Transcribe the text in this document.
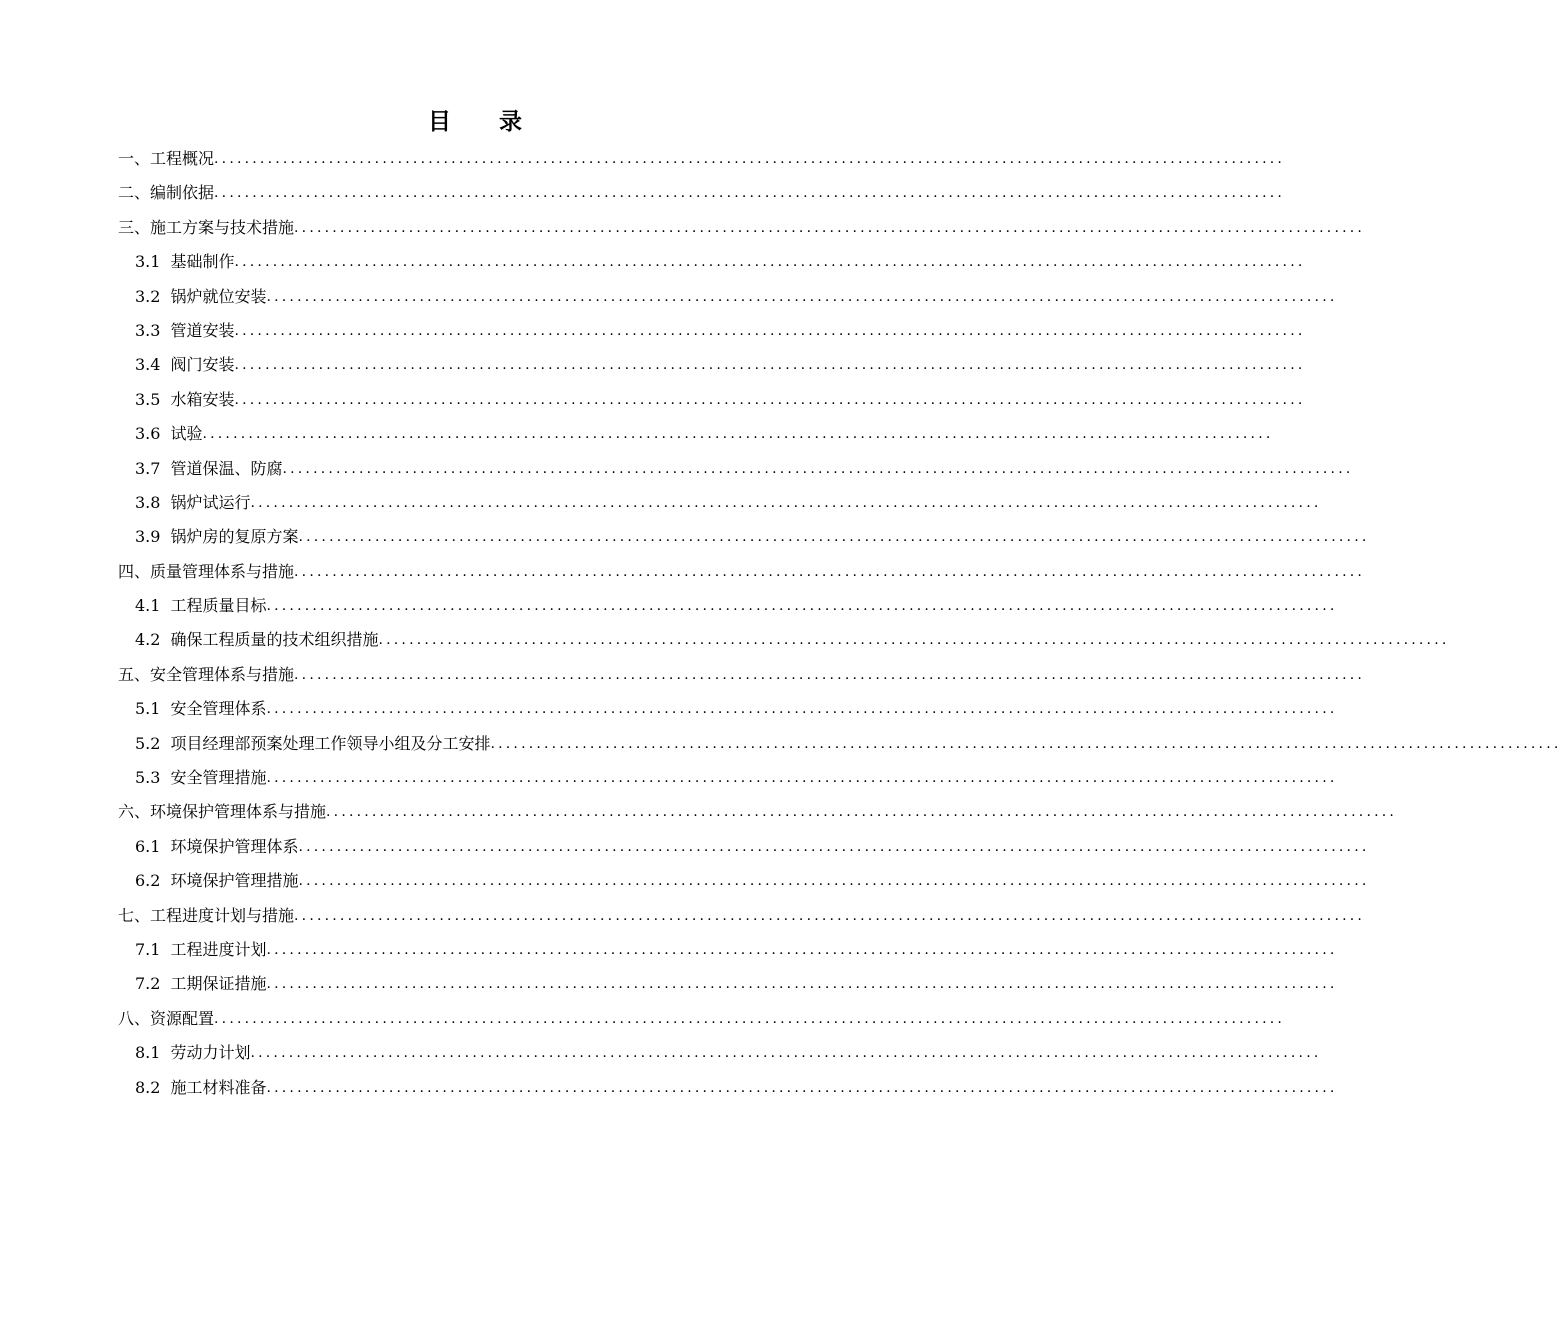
目 录
一、工程概况 ............................................................................................................................................
二、编制依据 ............................................................................................................................................
三、施工方案与技术措施 ............................................................................................................................................
3.1 基础制作 ............................................................................................................................................
3.2 锅炉就位安装 ............................................................................................................................................
3.3 管道安装 ............................................................................................................................................
3.4 阀门安装 ............................................................................................................................................
3.5 水箱安装 ............................................................................................................................................
3.6 试验 ............................................................................................................................................
3.7 管道保温、防腐 ............................................................................................................................................
3.8 锅炉试运行 ............................................................................................................................................
3.9 锅炉房的复原方案 ............................................................................................................................................
四、质量管理体系与措施 ............................................................................................................................................
4.1 工程质量目标 ............................................................................................................................................
4.2 确保工程质量的技术组织措施 ............................................................................................................................................
五、安全管理体系与措施 ............................................................................................................................................
5.1 安全管理体系 ............................................................................................................................................
5.2 项目经理部预案处理工作领导小组及分工安排 ............................................................................................................................................
5.3 安全管理措施 ............................................................................................................................................
六、环境保护管理体系与措施 ............................................................................................................................................
6.1 环境保护管理体系 ............................................................................................................................................
6.2 环境保护管理措施 ............................................................................................................................................
七、工程进度计划与措施 ............................................................................................................................................
7.1 工程进度计划 ............................................................................................................................................
7.2 工期保证措施 ............................................................................................................................................
八、资源配置 ............................................................................................................................................
8.1 劳动力计划 ............................................................................................................................................
8.2 施工材料准备 ............................................................................................................................................
